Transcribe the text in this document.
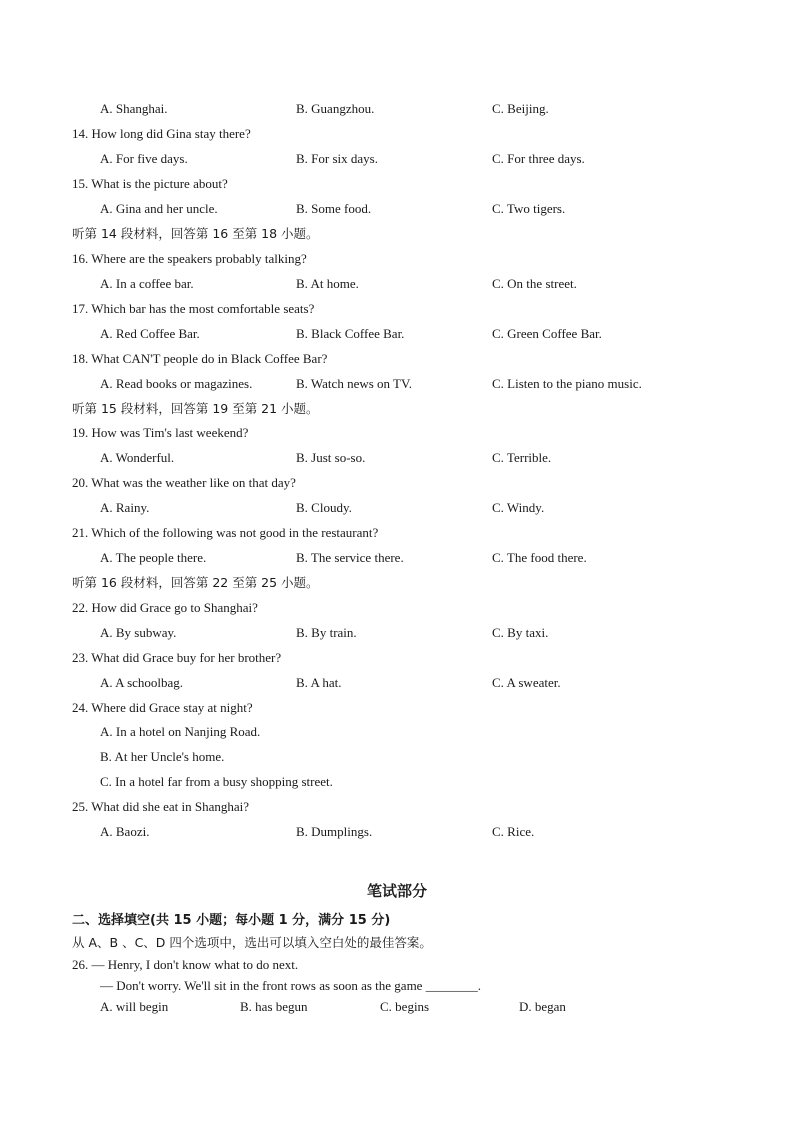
A. Shanghai.	B. Guangzhou.	C. Beijing.
14. How long did Gina stay there?
A. For five days.	B. For six days.	C. For three days.
15. What is the picture about?
A. Gina and her uncle.	B. Some food.	C. Two tigers.
听第 14 段材料，回答第 16 至第 18 小题。
16. Where are the speakers probably talking?
A. In a coffee bar.	B. At home.	C. On the street.
17. Which bar has the most comfortable seats?
A. Red Coffee Bar.	B. Black Coffee Bar.	C. Green Coffee Bar.
18. What CAN'T people do in Black Coffee Bar?
A. Read books or magazines.	B. Watch news on TV.	C. Listen to the piano music.
听第 15 段材料，回答第 19 至第 21 小题。
19. How was Tim's last weekend?
A. Wonderful.	B. Just so-so.	C. Terrible.
20. What was the weather like on that day?
A. Rainy.	B. Cloudy.	C. Windy.
21. Which of the following was not good in the restaurant?
A. The people there.	B. The service there.	C. The food there.
听第 16 段材料，回答第 22 至第 25 小题。
22. How did Grace go to Shanghai?
A. By subway.	B. By train.	C. By taxi.
23. What did Grace buy for her brother?
A. A schoolbag.	B. A hat.	C. A sweater.
24. Where did Grace stay at night?
A. In a hotel on Nanjing Road.
B. At her Uncle's home.
C. In a hotel far from a busy shopping street.
25. What did she eat in Shanghai?
A. Baozi.	B. Dumplings.	C. Rice.
笔试部分
二、选择填空(共 15 小题；每小题 1 分，满分 15 分)
从 A、B 、C、D 四个选项中，选出可以填入空白处的最佳答案。
26. — Henry, I don't know what to do next.
— Don't worry. We'll sit in the front rows as soon as the game ________.
A. will begin	B. has begun	C. begins	D. began
